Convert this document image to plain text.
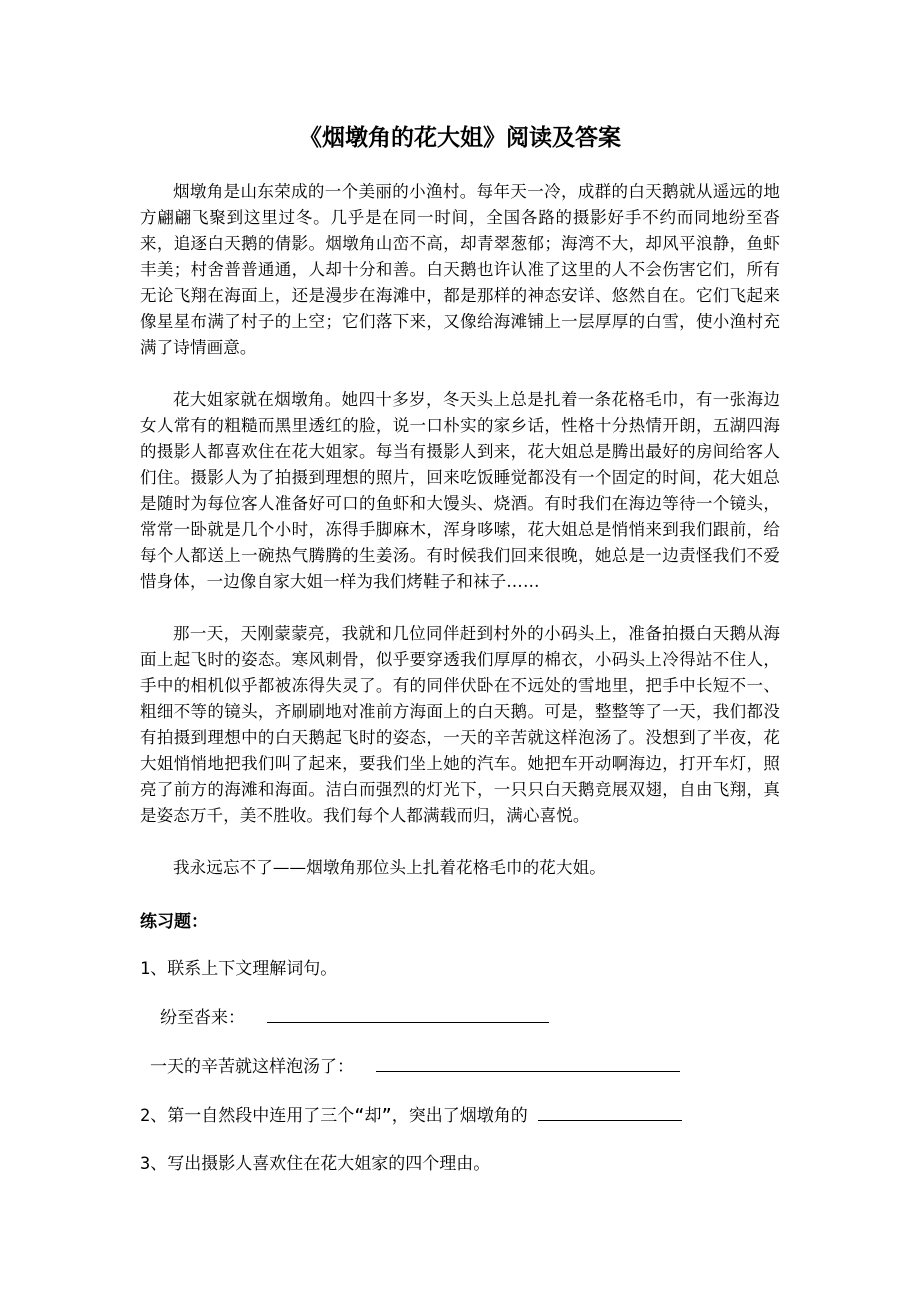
《烟墩角的花大姐》阅读及答案

烟墩角是山东荣成的一个美丽的小渔村。每年天一冷，成群的白天鹅就从遥远的地方翩翩飞聚到这里过冬。几乎是在同一时间，全国各路的摄影好手不约而同地纷至沓来，追逐白天鹅的倩影。烟墩角山峦不高，却青翠葱郁；海湾不大，却风平浪静，鱼虾丰美；村舍普普通通，人却十分和善。白天鹅也许认准了这里的人不会伤害它们，所有无论飞翔在海面上，还是漫步在海滩中，都是那样的神态安详、悠然自在。它们飞起来像星星布满了村子的上空；它们落下来，又像给海滩铺上一层厚厚的白雪，使小渔村充满了诗情画意。

花大姐家就在烟墩角。她四十多岁，冬天头上总是扎着一条花格毛巾，有一张海边女人常有的粗糙而黑里透红的脸，说一口朴实的家乡话，性格十分热情开朗，五湖四海的摄影人都喜欢住在花大姐家。每当有摄影人到来，花大姐总是腾出最好的房间给客人们住。摄影人为了拍摄到理想的照片，回来吃饭睡觉都没有一个固定的时间，花大姐总是随时为每位客人准备好可口的鱼虾和大馒头、烧酒。有时我们在海边等待一个镜头，常常一卧就是几个小时，冻得手脚麻木，浑身哆嗦，花大姐总是悄悄来到我们跟前，给每个人都送上一碗热气腾腾的生姜汤。有时候我们回来很晚，她总是一边责怪我们不爱惜身体，一边像自家大姐一样为我们烤鞋子和袜子……

那一天，天刚蒙蒙亮，我就和几位同伴赶到村外的小码头上，准备拍摄白天鹅从海面上起飞时的姿态。寒风刺骨，似乎要穿透我们厚厚的棉衣，小码头上冷得站不住人，手中的相机似乎都被冻得失灵了。有的同伴伏卧在不远处的雪地里，把手中长短不一、粗细不等的镜头，齐刷刷地对准前方海面上的白天鹅。可是，整整等了一天，我们都没有拍摄到理想中的白天鹅起飞时的姿态，一天的辛苦就这样泡汤了。没想到了半夜，花大姐悄悄地把我们叫了起来，要我们坐上她的汽车。她把车开动啊海边，打开车灯，照亮了前方的海滩和海面。洁白而强烈的灯光下，一只只白天鹅竞展双翅，自由飞翔，真是姿态万千，美不胜收。我们每个人都满载而归，满心喜悦。

我永远忘不了——烟墩角那位头上扎着花格毛巾的花大姐。

练习题：

1、联系上下文理解词句。

纷至沓来：

一天的辛苦就这样泡汤了：

2、第一自然段中连用了三个“却”，突出了烟墩角的

3、写出摄影人喜欢住在花大姐家的四个理由。
